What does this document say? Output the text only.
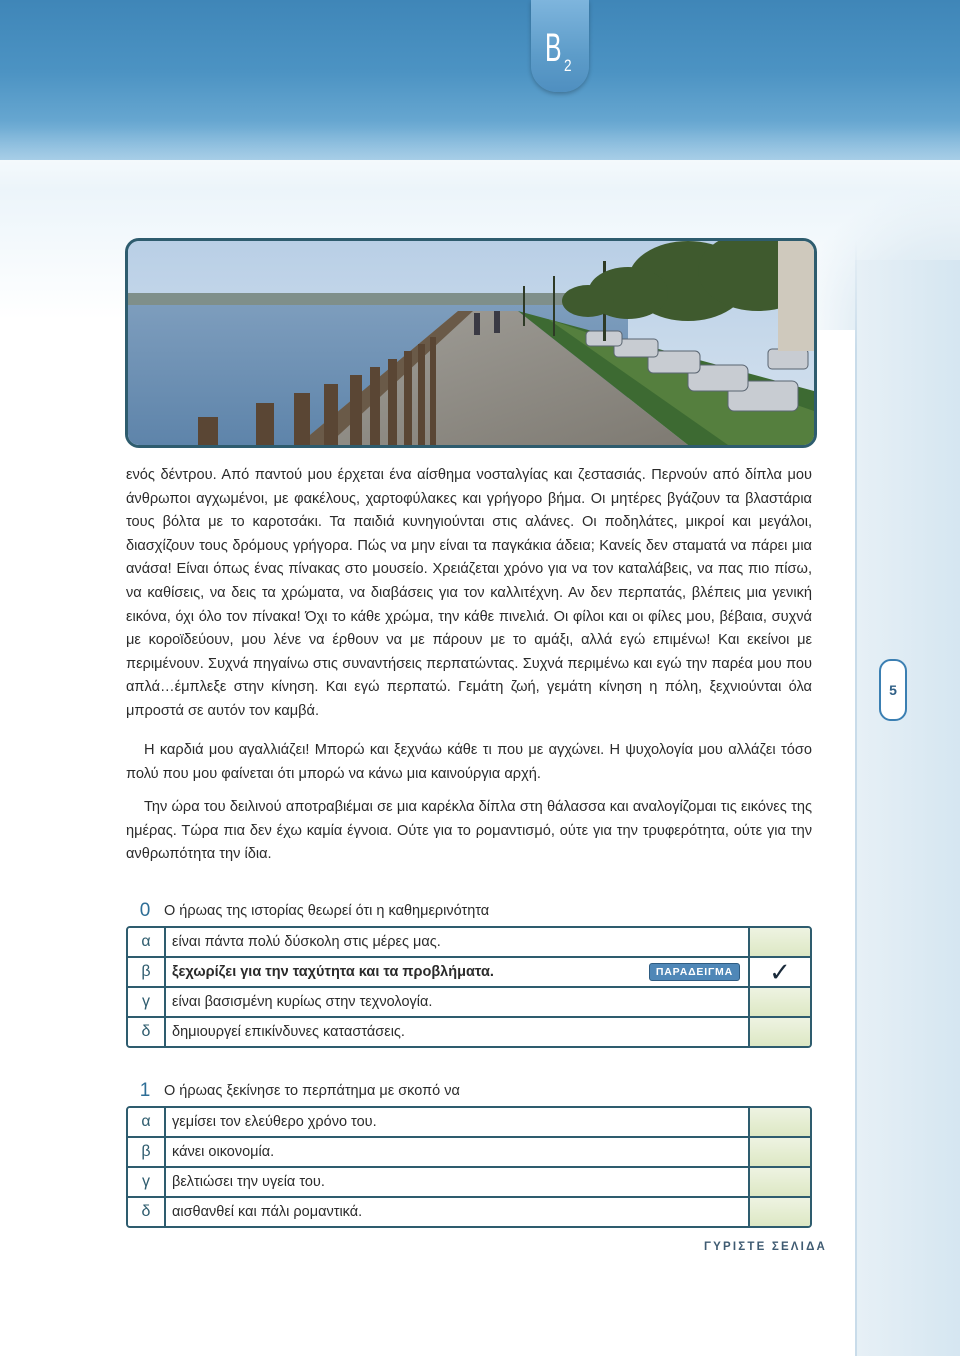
B 2
5
ενός δέντρου. Από παντού μου έρχεται ένα αίσθημα νοσταλγίας και ζεστασιάς. Περνούν από δίπλα μου άνθρωποι αγχωμένοι, με φακέλους, χαρτοφύλακες και γρήγορο βήμα. Οι μητέρες βγάζουν τα βλαστάρια τους βόλτα με το καροτσάκι. Τα παιδιά κυνηγιούνται στις αλάνες. Οι ποδηλάτες, μικροί και μεγάλοι, διασχίζουν τους δρόμους γρήγορα. Πώς να μην είναι τα παγκάκια άδεια; Κανείς δεν σταματά να πάρει μια ανάσα! Είναι όπως ένας πίνακας στο μουσείο. Χρειάζεται χρόνο για να τον καταλάβεις, να πας πιο πίσω, να καθίσεις, να δεις τα χρώματα, να διαβάσεις για τον καλλιτέχνη. Αν δεν περπατάς, βλέπεις μια γενική εικόνα, όχι όλο τον πίνακα! Όχι το κάθε χρώμα, την κάθε πινελιά. Οι φίλοι και οι φίλες μου, βέβαια, συχνά με κοροϊδεύουν, μου λένε να έρθουν να με πάρουν με το αμάξι, αλλά εγώ επιμένω! Και εκείνοι με περιμένουν. Συχνά πηγαίνω στις συναντήσεις περπατώντας. Συχνά περιμένω και εγώ την παρέα μου που απλά…έμπλεξε στην κίνηση. Και εγώ περπατώ. Γεμάτη ζωή, γεμάτη κίνηση η πόλη, ξεχνιούνται όλα μπροστά σε αυτόν τον καμβά.
Η καρδιά μου αγαλλιάζει! Μπορώ και ξεχνάω κάθε τι που με αγχώνει. Η ψυχολογία μου αλλάζει τόσο πολύ που μου φαίνεται ότι μπορώ να κάνω μια καινούργια αρχή.
Την ώρα του δειλινού αποτραβιέμαι σε μια καρέκλα δίπλα στη θάλασσα και αναλογίζομαι τις εικόνες της ημέρας. Τώρα πια δεν έχω καμία έγνοια. Ούτε για το ρομαντισμό, ούτε για την τρυφερότητα, ούτε για την ανθρωπότητα την ίδια.
0 Ο ήρωας της ιστορίας θεωρεί ότι η καθημερινότητα
α	είναι πάντα πολύ δύσκολη στις μέρες μας.
β	ξεχωρίζει για την ταχύτητα και τα προβλήματα.	ΠΑΡΑΔΕΙΓΜΑ ✓
γ	είναι βασισμένη κυρίως στην τεχνολογία.
δ	δημιουργεί επικίνδυνες καταστάσεις.
1 Ο ήρωας ξεκίνησε το περπάτημα με σκοπό να
α	γεμίσει τον ελεύθερο χρόνο του.
β	κάνει οικονομία.
γ	βελτιώσει την υγεία του.
δ	αισθανθεί και πάλι ρομαντικά.
ΓΥΡΙΣΤΕ ΣΕΛΙΔΑ
